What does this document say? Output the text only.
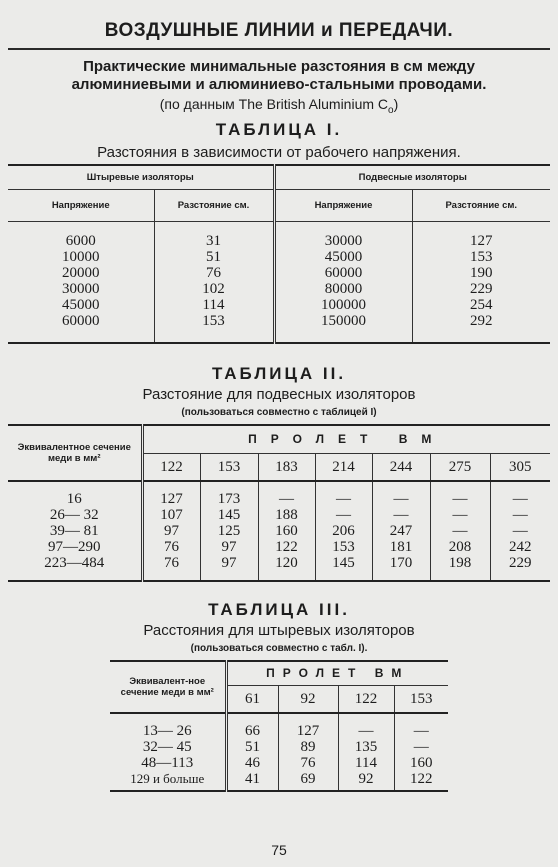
ВОЗДУШНЫЕ ЛИНИИ и ПЕРЕДАЧИ.
Практические минимальные разстояния в см между
алюминиевыми и алюминиево-стальными проводами.
(по данным The British Aluminium $C_o$)
ТАБЛИЦА I.
Разстояния в зависимости от рабочего напряжения.
Штыревые изоляторы		Подвесные изоляторы	
Напряжение	Разстояние см.	Напряжение	Разстояние см.

6000	31	30000	127
10000	51	45000	153
20000	76	60000	190
30000	102	80000	229
45000	114	100000	254
60000	153	150000	292

ТАБЛИЦА II.
Разстояние для подвесных изоляторов
(пользоваться совместно с таблицей I)
Эквивалентное сечение меди в мм²	ПРОЛЕТ ВМ						
	122	153	183	214	244	275	305

16	127	173	—	—	—	—	—
26— 32	107	145	188	—	—	—	—
39— 81	97	125	160	206	247	—	—
97—290	76	97	122	153	181	208	242
223—484	76	97	120	145	170	198	229

ТАБЛИЦА III.
Расстояния для штыревых изоляторов
(пользоваться совместно с табл. I).
Эквивалент-ное сечение меди в мм²	ПРОЛЕТ ВМ			
	61	92	122	153

13— 26	66	127	—	—
32— 45	51	89	135	—
48—113	46	76	114	160
129 и больше	41	69	92	122

75
